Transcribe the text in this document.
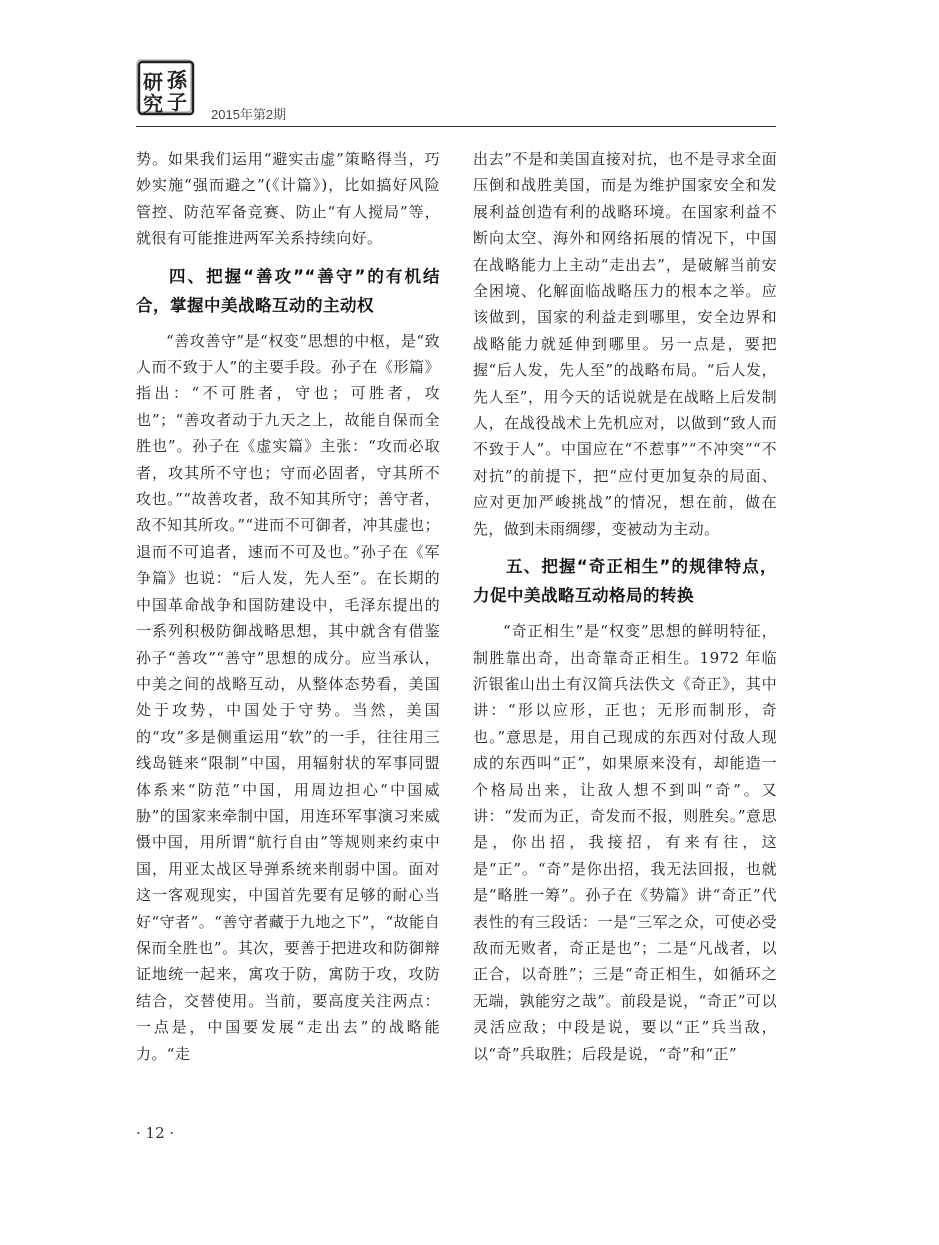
孫
子
研
究	2015年第2期

势。如果我们运用“避实击虚”策略得当，巧妙实施“强而避之”(《计篇》)，比如搞好风险管控、防范军备竞赛、防止“有人搅局”等，就很有可能推进两军关系持续向好。

四、把握“善攻”“善守”的有机结合，掌握中美战略互动的主动权

“善攻善守”是“权变”思想的中枢，是“致人而不致于人”的主要手段。孙子在《形篇》指出：“不可胜者，守也；可胜者，攻也”；“善攻者动于九天之上，故能自保而全胜也”。孙子在《虚实篇》主张：“攻而必取者，攻其所不守也；守而必固者，守其所不攻也。”“故善攻者，敌不知其所守；善守者，敌不知其所攻。”“进而不可御者，冲其虚也；退而不可追者，速而不可及也。”孙子在《军争篇》也说：“后人发，先人至”。在长期的中国革命战争和国防建设中，毛泽东提出的一系列积极防御战略思想，其中就含有借鉴孙子“善攻”“善守”思想的成分。应当承认，中美之间的战略互动，从整体态势看，美国处于攻势，中国处于守势。当然，美国的“攻”多是侧重运用“软”的一手，往往用三线岛链来“限制”中国，用辐射状的军事同盟体系来“防范”中国，用周边担心“中国威胁”的国家来牵制中国，用连环军事演习来威慑中国，用所谓“航行自由”等规则来约束中国，用亚太战区导弹系统来削弱中国。面对这一客观现实，中国首先要有足够的耐心当好“守者”。“善守者藏于九地之下”，“故能自保而全胜也”。其次，要善于把进攻和防御辩证地统一起来，寓攻于防，寓防于攻，攻防结合，交替使用。当前，要高度关注两点：一点是，中国要发展“走出去”的战略能力。“走

出去”不是和美国直接对抗，也不是寻求全面压倒和战胜美国，而是为维护国家安全和发展利益创造有利的战略环境。在国家利益不断向太空、海外和网络拓展的情况下，中国在战略能力上主动“走出去”，是破解当前安全困境、化解面临战略压力的根本之举。应该做到，国家的利益走到哪里，安全边界和战略能力就延伸到哪里。另一点是，要把握“后人发，先人至”的战略布局。“后人发，先人至”，用今天的话说就是在战略上后发制人，在战役战术上先机应对，以做到“致人而不致于人”。中国应在“不惹事”“不冲突”“不对抗”的前提下，把“应付更加复杂的局面、应对更加严峻挑战”的情况，想在前，做在先，做到未雨绸缪，变被动为主动。

五、把握“奇正相生”的规律特点，力促中美战略互动格局的转换

“奇正相生”是“权变”思想的鲜明特征，制胜靠出奇，出奇靠奇正相生。1972 年临沂银雀山出土有汉简兵法佚文《奇正》，其中讲：“形以应形，正也；无形而制形，奇也。”意思是，用自己现成的东西对付敌人现成的东西叫“正”，如果原来没有，却能造一个格局出来，让敌人想不到叫“奇”。又讲：“发而为正，奇发而不报，则胜矣。”意思是，你出招，我接招，有来有往，这是“正”。“奇”是你出招，我无法回报，也就是“略胜一筹”。孙子在《势篇》讲“奇正”代表性的有三段话：一是“三军之众，可使必受敌而无败者，奇正是也”；二是“凡战者，以正合，以奇胜”；三是“奇正相生，如循环之无端，孰能穷之哉”。前段是说，“奇正”可以灵活应敌；中段是说，要以“正”兵当敌，以“奇”兵取胜；后段是说，“奇”和“正”

· 12 ·
